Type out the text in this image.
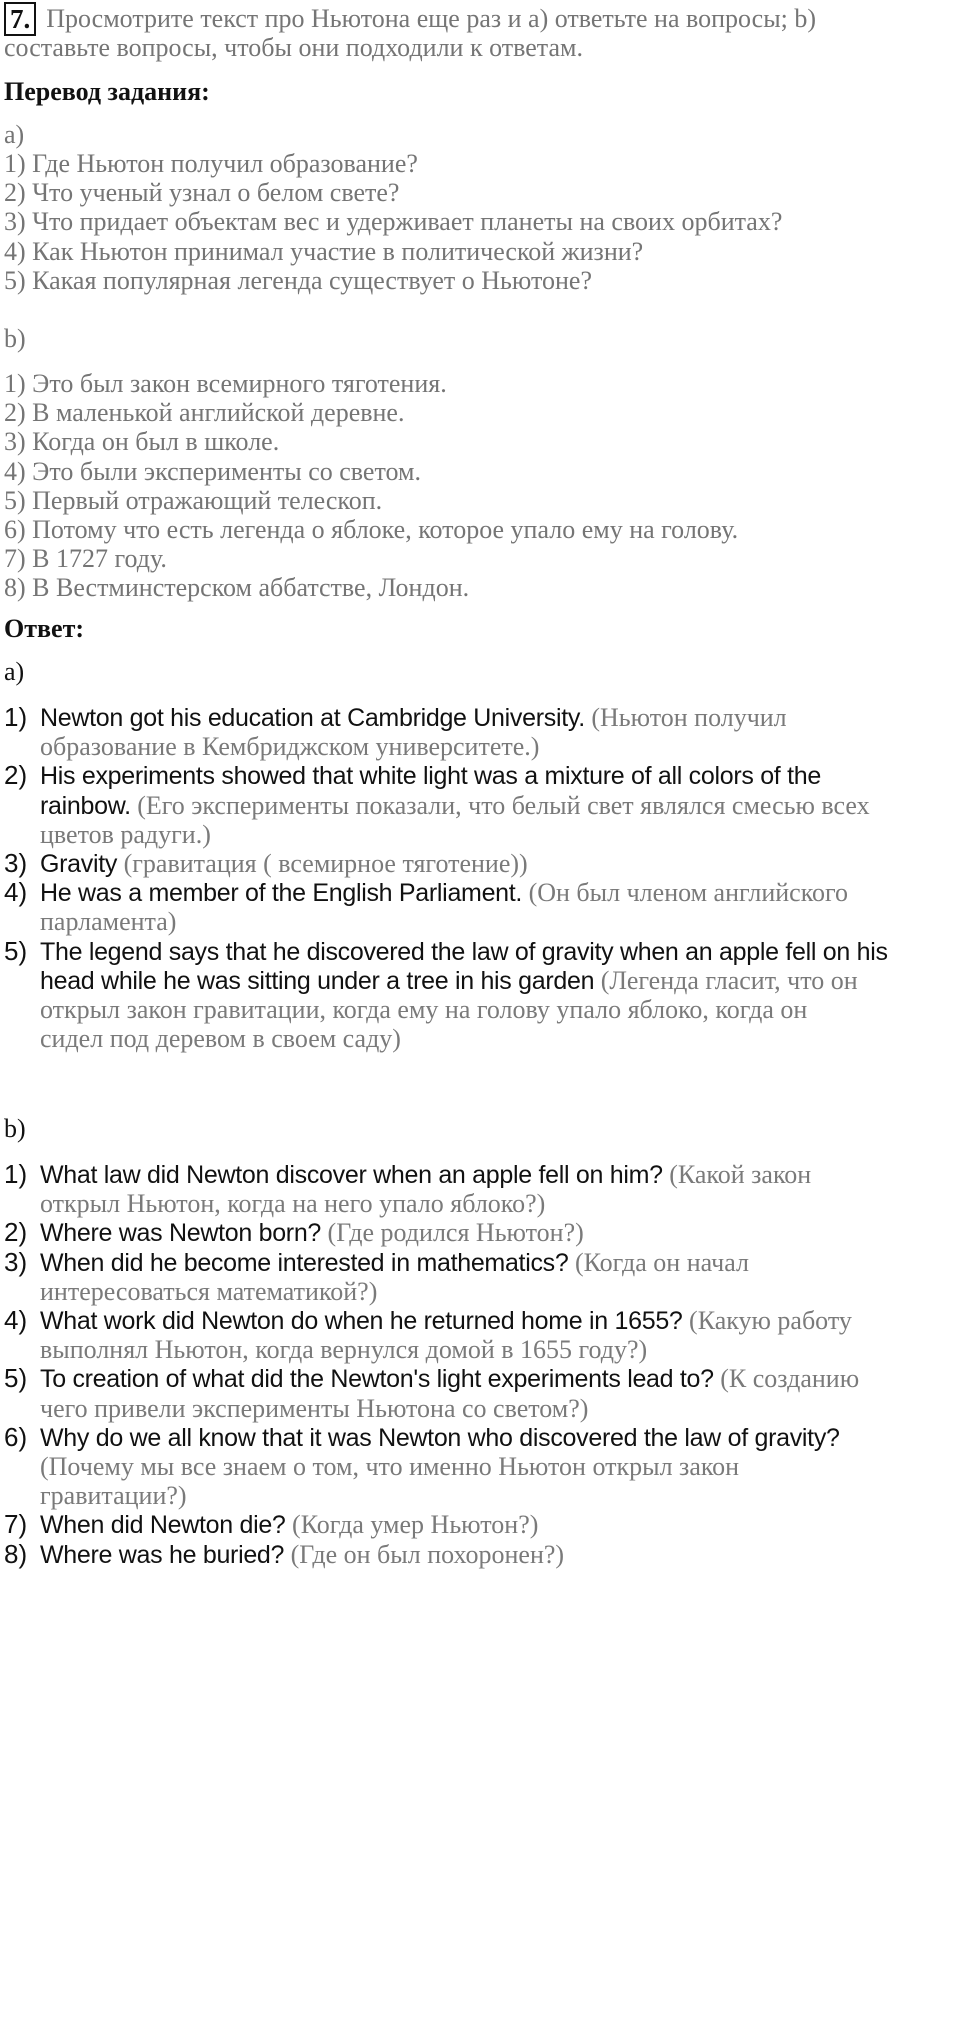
7. Просмотрите текст про Ньютона еще раз и a) ответьте на вопросы; b)
составьте вопросы, чтобы они подходили к ответам.
Перевод задания:
a)
1) Где Ньютон получил образование?
2) Что ученый узнал о белом свете?
3) Что придает объектам вес и удерживает планеты на своих орбитах?
4) Как Ньютон принимал участие в политической жизни?
5) Какая популярная легенда существует о Ньютоне?
b)
1) Это был закон всемирного тяготения.
2) В маленькой английской деревне.
3) Когда он был в школе.
4) Это были эксперименты со светом.
5) Первый отражающий телескоп.
6) Потому что есть легенда о яблоке, которое упало ему на голову.
7) В 1727 году.
8) В Вестминстерском аббатстве, Лондон.
Ответ:
a)
1) Newton got his education at Cambridge University. (Ньютон получил
образование в Кембриджском университете.)
2) His experiments showed that white light was a mixture of all colors of the
rainbow. (Его эксперименты показали, что белый свет являлся смесью всех
цветов радуги.)
3) Gravity (гравитация ( всемирное тяготение))
4) He was a member of the English Parliament. (Он был членом английского
парламента)
5) The legend says that he discovered the law of gravity when an apple fell on his
head while he was sitting under a tree in his garden (Легенда гласит, что он
открыл закон гравитации, когда ему на голову упало яблоко, когда он
сидел под деревом в своем саду)
b)
1) What law did Newton discover when an apple fell on him? (Какой закон
открыл Ньютон, когда на него упало яблоко?)
2) Where was Newton born? (Где родился Ньютон?)
3) When did he become interested in mathematics? (Когда он начал
интересоваться математикой?)
4) What work did Newton do when he returned home in 1655? (Какую работу
выполнял Ньютон, когда вернулся домой в 1655 году?)
5) To creation of what did the Newton's light experiments lead to? (К созданию
чего привели эксперименты Ньютона со светом?)
6) Why do we all know that it was Newton who discovered the law of gravity?
(Почему мы все знаем о том, что именно Ньютон открыл закон
гравитации?)
7) When did Newton die? (Когда умер Ньютон?)
8) Where was he buried? (Где он был похоронен?)
